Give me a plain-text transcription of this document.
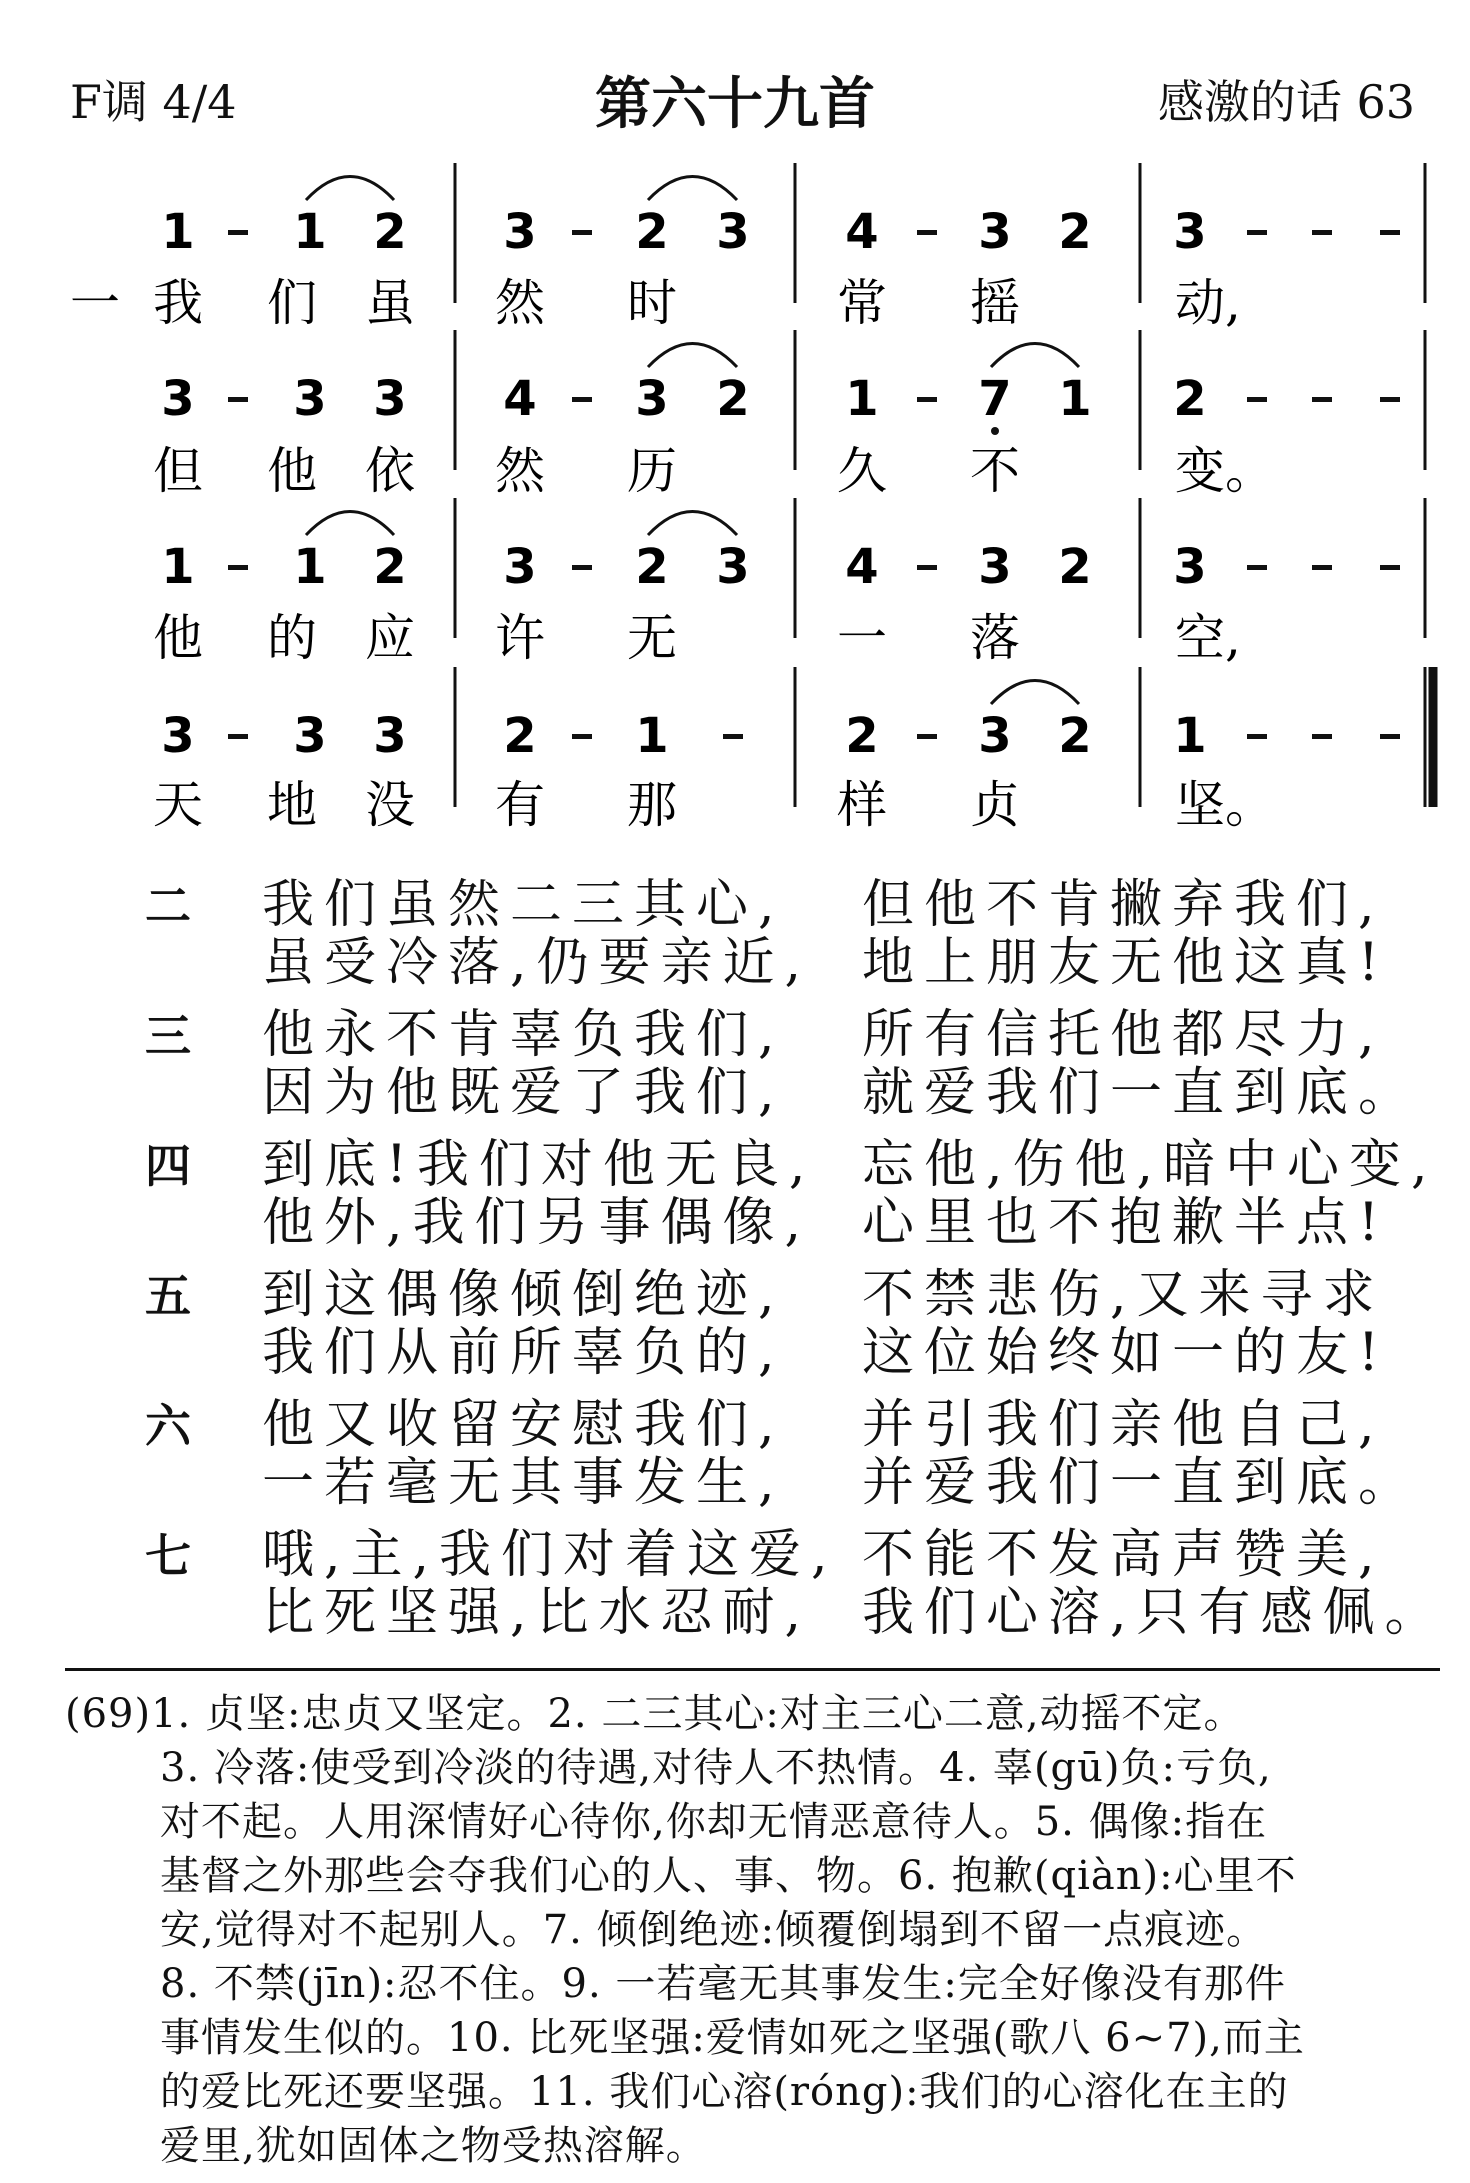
F调 4/4	第六十九首	感激的话 63
一
1 1 2 3 2 3 4 3 2 3
我 们 虽 然 时	常 摇	动,
3 3 3 4 3 2 1 7 1 2
但 他 依 然 历	久 不	变。
1 1 2 3 2 3 4 3 2 3
他 的 应 许 无	一 落	空,
3 3 3 2 1	2 3 2 1
天 地 没 有 那	样 贞	坚。
二 我们虽然二三其心, 但他不肯撇弃我们,
虽受冷落,仍要亲近, 地上朋友无他这真!
三 他永不肯辜负我们, 所有信托他都尽力,
因为他既爱了我们, 就爱我们一直到底。
四 到底!我们对他无良, 忘他,伤他,暗中心变,
他外,我们另事偶像, 心里也不抱歉半点!
五 到这偶像倾倒绝迹, 不禁悲伤,又来寻求
我们从前所辜负的, 这位始终如一的友!
六 他又收留安慰我们, 并引我们亲他自己,
一若毫无其事发生, 并爱我们一直到底。
七 哦,主,我们对着这爱, 不能不发高声赞美,
比死坚强,比水忍耐, 我们心溶,只有感佩。
(69)1. 贞坚:忠贞又坚定。2. 二三其心:对主三心二意,动摇不定。
3. 冷落:使受到冷淡的待遇,对待人不热情。4. 辜(gū)负:亏负,
对不起。人用深情好心待你,你却无情恶意待人。5. 偶像:指在
基督之外那些会夺我们心的人、事、物。6. 抱歉(qiàn):心里不
安,觉得对不起别人。7. 倾倒绝迹:倾覆倒塌到不留一点痕迹。
8. 不禁(jīn):忍不住。9. 一若毫无其事发生:完全好像没有那件
事情发生似的。10. 比死坚强:爱情如死之坚强(歌八 6~7),而主
的爱比死还要坚强。11. 我们心溶(róng):我们的心溶化在主的
爱里,犹如固体之物受热溶解。
